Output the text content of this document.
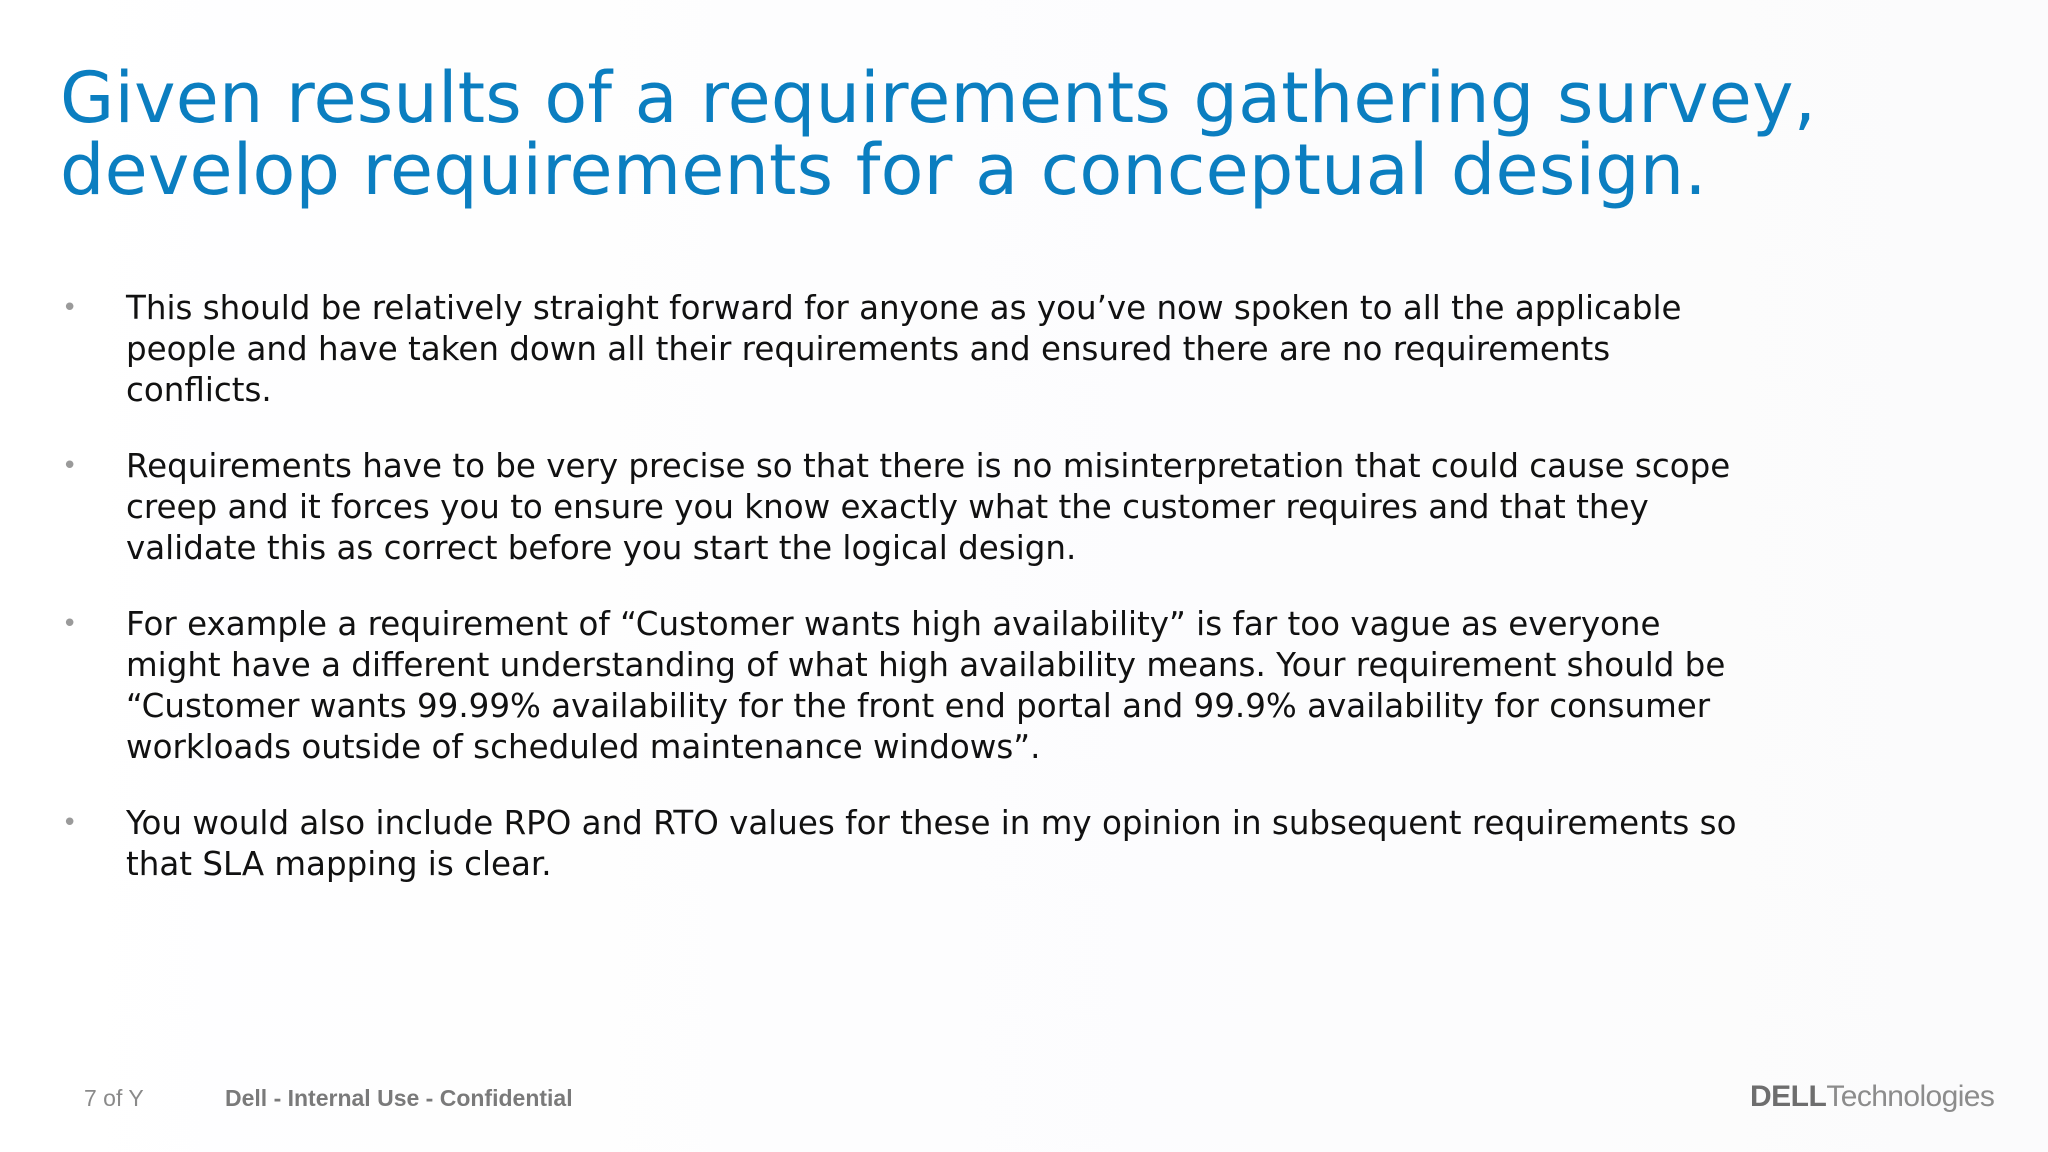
Given results of a requirements gathering survey,
develop requirements for a conceptual design.
• This should be relatively straight forward for anyone as you’ve now spoken to all the applicable
people and have taken down all their requirements and ensured there are no requirements
conflicts.
• Requirements have to be very precise so that there is no misinterpretation that could cause scope
creep and it forces you to ensure you know exactly what the customer requires and that they
validate this as correct before you start the logical design.
• For example a requirement of “Customer wants high availability” is far too vague as everyone
might have a different understanding of what high availability means. Your requirement should be
“Customer wants 99.99% availability for the front end portal and 99.9% availability for consumer
workloads outside of scheduled maintenance windows”.
• You would also include RPO and RTO values for these in my opinion in subsequent requirements so
that SLA mapping is clear.
7 of Y	Dell - Internal Use - Confidential	DELL Technologies
